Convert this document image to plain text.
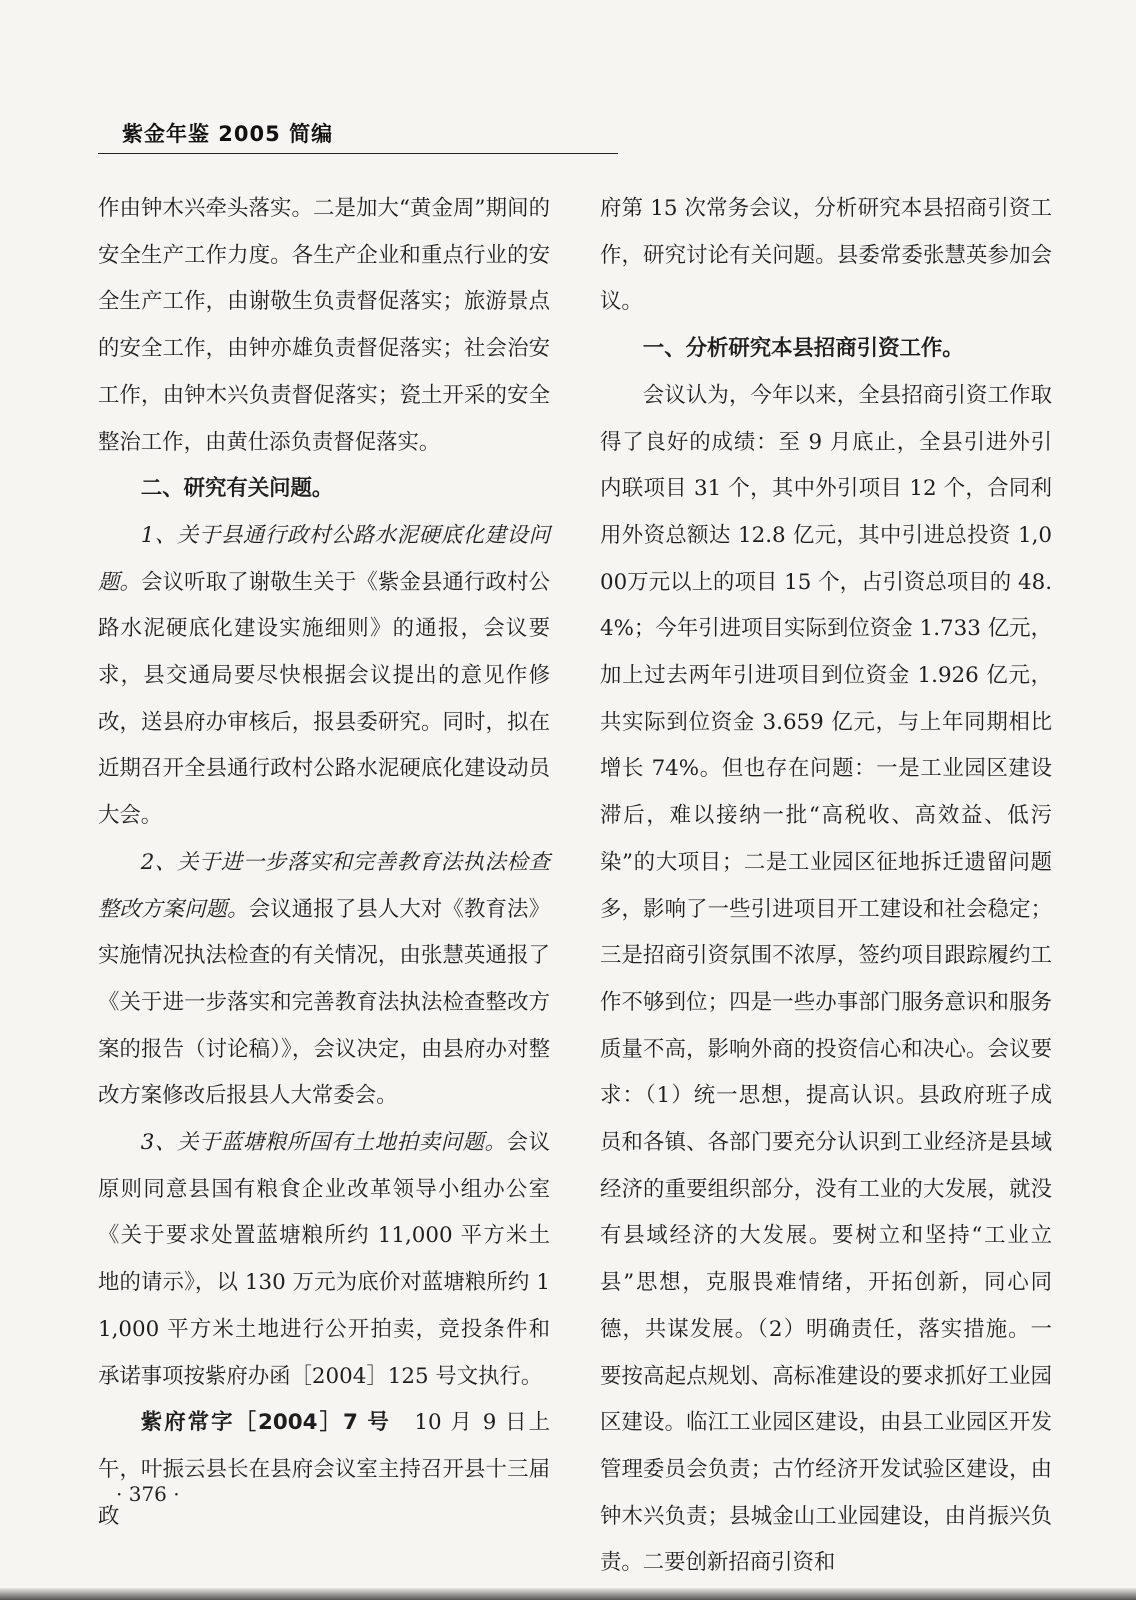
紫金年鉴 2005 简编

作由钟木兴牵头落实。二是加大“黄金周”期间的安全生产工作力度。各生产企业和重点行业的安全生产工作，由谢敬生负责督促落实；旅游景点的安全工作，由钟亦雄负责督促落实；社会治安工作，由钟木兴负责督促落实；瓷土开采的安全整治工作，由黄仕添负责督促落实。

二、研究有关问题。

1、关于县通行政村公路水泥硬底化建设问题。会议听取了谢敬生关于《紫金县通行政村公路水泥硬底化建设实施细则》的通报，会议要求，县交通局要尽快根据会议提出的意见作修改，送县府办审核后，报县委研究。同时，拟在近期召开全县通行政村公路水泥硬底化建设动员大会。

2、关于进一步落实和完善教育法执法检查整改方案问题。会议通报了县人大对《教育法》实施情况执法检查的有关情况，由张慧英通报了《关于进一步落实和完善教育法执法检查整改方案的报告（讨论稿）》，会议决定，由县府办对整改方案修改后报县人大常委会。

3、关于蓝塘粮所国有土地拍卖问题。会议原则同意县国有粮食企业改革领导小组办公室《关于要求处置蓝塘粮所约 11,000 平方米土地的请示》，以 130 万元为底价对蓝塘粮所约 11,000 平方米土地进行公开拍卖，竞投条件和承诺事项按紫府办函［2004］125 号文执行。

紫府常字［2004］7 号　 10 月 9 日上午，叶振云县长在县府会议室主持召开县十三届政

府第 15 次常务会议，分析研究本县招商引资工作，研究讨论有关问题。县委常委张慧英参加会议。

一、分析研究本县招商引资工作。

会议认为，今年以来，全县招商引资工作取得了良好的成绩：至 9 月底止，全县引进外引内联项目 31 个，其中外引项目 12 个，合同利用外资总额达 12.8 亿元，其中引进总投资 1,000万元以上的项目 15 个，占引资总项目的 48.4%；今年引进项目实际到位资金 1.733 亿元，加上过去两年引进项目到位资金 1.926 亿元，共实际到位资金 3.659 亿元，与上年同期相比增长 74%。但也存在问题：一是工业园区建设滞后，难以接纳一批“高税收、高效益、低污染”的大项目；二是工业园区征地拆迁遗留问题多，影响了一些引进项目开工建设和社会稳定；三是招商引资氛围不浓厚，签约项目跟踪履约工作不够到位；四是一些办事部门服务意识和服务质量不高，影响外商的投资信心和决心。会议要求：（1）统一思想，提高认识。县政府班子成员和各镇、各部门要充分认识到工业经济是县域经济的重要组织部分，没有工业的大发展，就没有县域经济的大发展。要树立和坚持“工业立县”思想，克服畏难情绪，开拓创新，同心同德，共谋发展。（2）明确责任，落实措施。一要按高起点规划、高标准建设的要求抓好工业园区建设。临江工业园区建设，由县工业园区开发管理委员会负责；古竹经济开发试验区建设，由钟木兴负责；县城金山工业园建设，由肖振兴负责。二要创新招商引资和

· 376 ·
